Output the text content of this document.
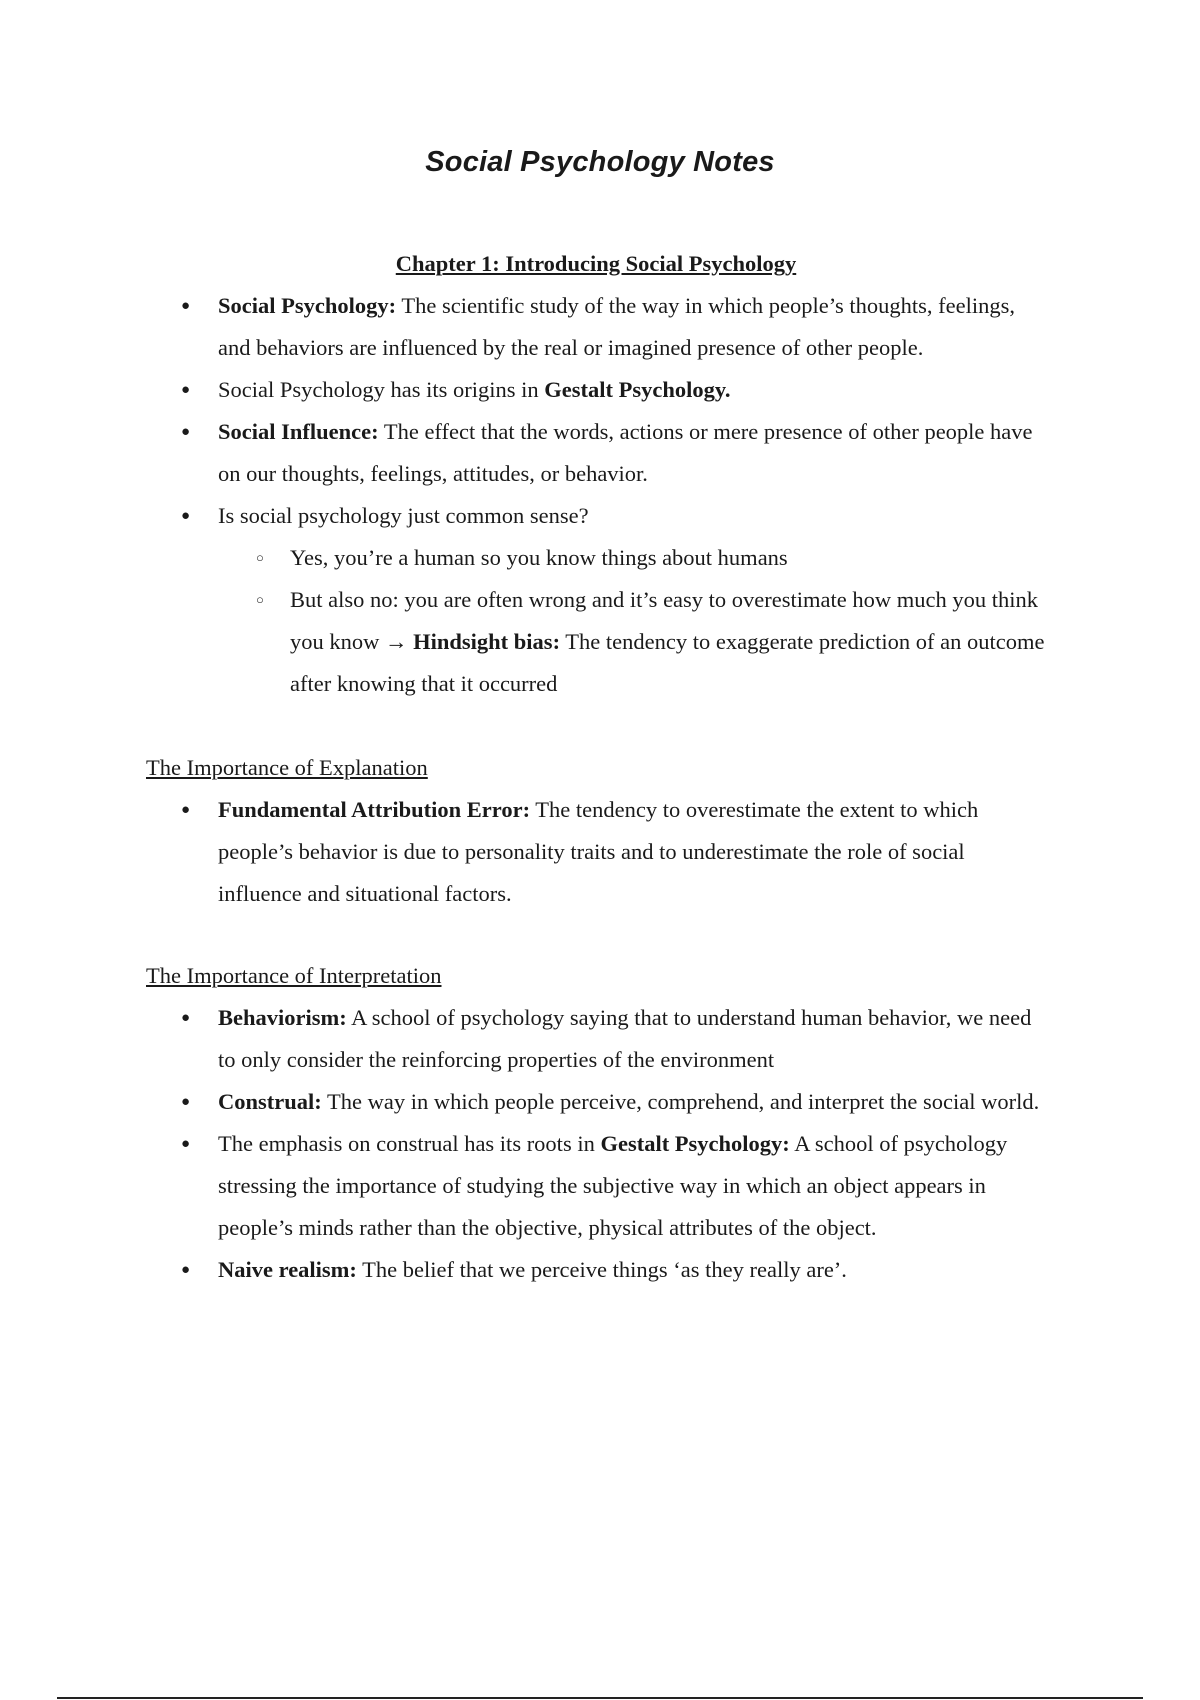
Social Psychology Notes

Chapter 1: Introducing Social Psychology

● Social Psychology: The scientific study of the way in which people’s thoughts, feelings, and behaviors are influenced by the real or imagined presence of other people.
● Social Psychology has its origins in Gestalt Psychology.
● Social Influence: The effect that the words, actions or mere presence of other people have on our thoughts, feelings, attitudes, or behavior.
● Is social psychology just common sense?
○ Yes, you’re a human so you know things about humans
○ But also no: you are often wrong and it’s easy to overestimate how much you think you know → Hindsight bias: The tendency to exaggerate prediction of an outcome after knowing that it occurred

The Importance of Explanation

● Fundamental Attribution Error: The tendency to overestimate the extent to which people’s behavior is due to personality traits and to underestimate the role of social influence and situational factors.

The Importance of Interpretation

● Behaviorism: A school of psychology saying that to understand human behavior, we need to only consider the reinforcing properties of the environment
● Construal: The way in which people perceive, comprehend, and interpret the social world.
● The emphasis on construal has its roots in Gestalt Psychology: A school of psychology stressing the importance of studying the subjective way in which an object appears in people’s minds rather than the objective, physical attributes of the object.
● Naive realism: The belief that we perceive things ‘as they really are’.
